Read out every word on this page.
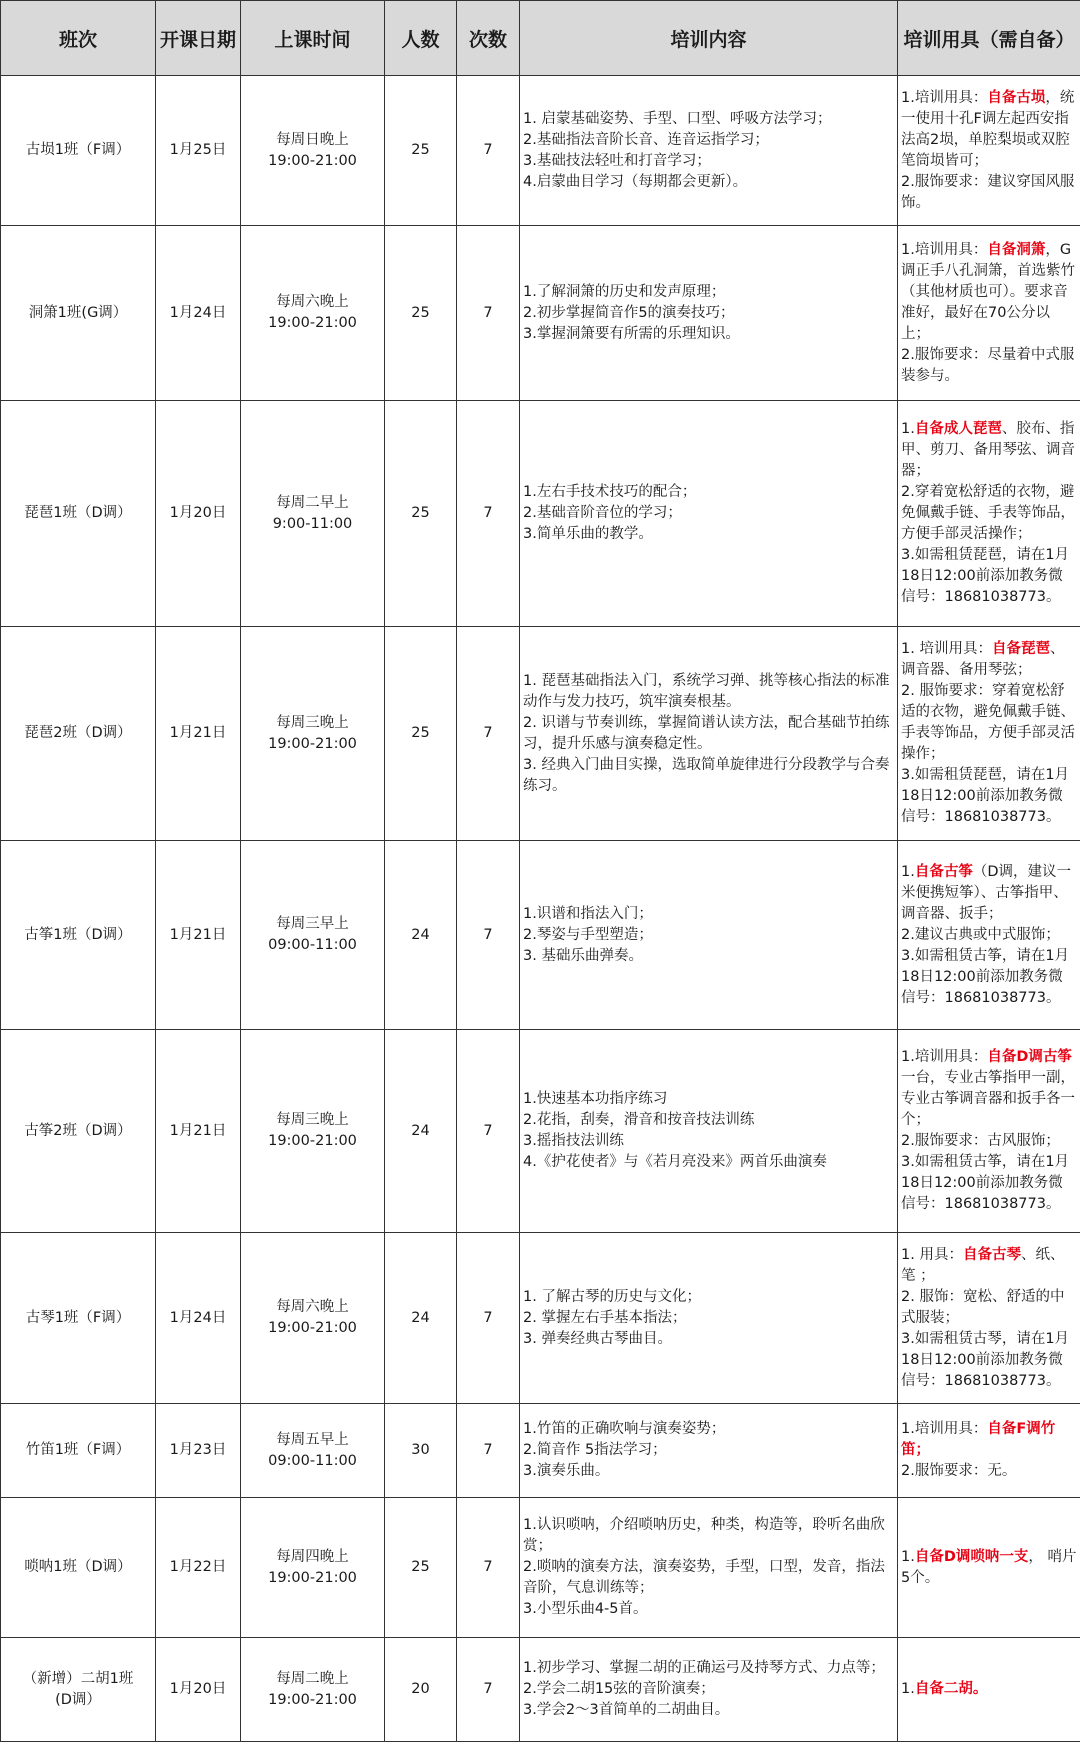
班次	开课日期	上课时间	人数	次数	培训内容	培训用具（需自备）
古埙1班（F调）	1月25日	每周日晚上
19:00-21:00	25	7	1. 启蒙基础姿势、手型、口型、呼吸方法学习；
2.基础指法音阶长音、连音运指学习；
3.基础技法轻吐和打音学习；
4.启蒙曲目学习（每期都会更新）。	1.培训用具：自备古埙，统一使用十孔F调左起西安指法高2埙，单腔梨埙或双腔笔筒埙皆可；
2.服饰要求：建议穿国风服饰。

洞箫1班(G调）	1月24日	每周六晚上
19:00-21:00	25	7	1.了解洞箫的历史和发声原理；
2.初步掌握简音作5的演奏技巧；
3.掌握洞箫要有所需的乐理知识。	1.培训用具：自备洞箫，G调正手八孔洞箫，首选紫竹（其他材质也可）。要求音准好，最好在70公分以上；
2.服饰要求：尽量着中式服装参与。

琵琶1班（D调）	1月20日	每周二早上
9:00-11:00	25	7	1.左右手技术技巧的配合；
2.基础音阶音位的学习；
3.简单乐曲的教学。	1.自备成人琵琶、胶布、指甲、剪刀、备用琴弦、调音器；
2.穿着宽松舒适的衣物，避免佩戴手链、手表等饰品，方便手部灵活操作；
3.如需租赁琵琶，请在1月18日12:00前添加教务微信号：18681038773。

琵琶2班（D调）	1月21日	每周三晚上
19:00-21:00	25	7	1. 琵琶基础指法入门，系统学习弹、挑等核心指法的标准动作与发力技巧，筑牢演奏根基。
2. 识谱与节奏训练，掌握简谱认读方法，配合基础节拍练习，提升乐感与演奏稳定性。
3. 经典入门曲目实操，选取简单旋律进行分段教学与合奏练习。	1. 培训用具：自备琵琶、调音器、备用琴弦；
2. 服饰要求：穿着宽松舒适的衣物，避免佩戴手链、手表等饰品，方便手部灵活操作；
3.如需租赁琵琶，请在1月18日12:00前添加教务微信号：18681038773。

古筝1班（D调）	1月21日	每周三早上
09:00-11:00	24	7	1.识谱和指法入门；
2.琴姿与手型塑造；
3. 基础乐曲弹奏。	1.自备古筝（D调，建议一米便携短筝）、古筝指甲、调音器、扳手；
2.建议古典或中式服饰；
3.如需租赁古筝，请在1月18日12:00前添加教务微信号：18681038773。

古筝2班（D调）	1月21日	每周三晚上
19:00-21:00	24	7	1.快速基本功指序练习
2.花指，刮奏，滑音和按音技法训练
3.摇指技法训练
4.《护花使者》与《若月亮没来》两首乐曲演奏	1.培训用具：自备D调古筝一台，专业古筝指甲一副，专业古筝调音器和扳手各一个；
2.服饰要求：古风服饰；
3.如需租赁古筝，请在1月18日12:00前添加教务微信号：18681038773。

古琴1班（F调）	1月24日	每周六晚上
19:00-21:00	24	7	1. 了解古琴的历史与文化；
2. 掌握左右手基本指法；
3. 弹奏经典古琴曲目。	1. 用具：自备古琴、纸、笔 ；
2. 服饰：宽松、舒适的中式服装；
3.如需租赁古琴，请在1月18日12:00前添加教务微信号：18681038773。

竹笛1班（F调）	1月23日	每周五早上
09:00-11:00	30	7	1.竹笛的正确吹响与演奏姿势；
2.简音作 5指法学习；
3.演奏乐曲。	1.培训用具：自备F调竹笛；
2.服饰要求：无。

唢呐1班（D调）	1月22日	每周四晚上
19:00-21:00	25	7	1.认识唢呐，介绍唢呐历史，种类，构造等，聆听名曲欣赏；
2.唢呐的演奏方法，演奏姿势，手型，口型，发音，指法音阶，气息训练等；
3.小型乐曲4-5首。	1.自备D调唢呐一支， 哨片5个。

（新增）二胡1班
(D调）	1月20日	每周二晚上
19:00-21:00	20	7	1.初步学习、掌握二胡的正确运弓及持琴方式、力点等；
2.学会二胡15弦的音阶演奏；
3.学会2～3首简单的二胡曲目。	1.自备二胡。
